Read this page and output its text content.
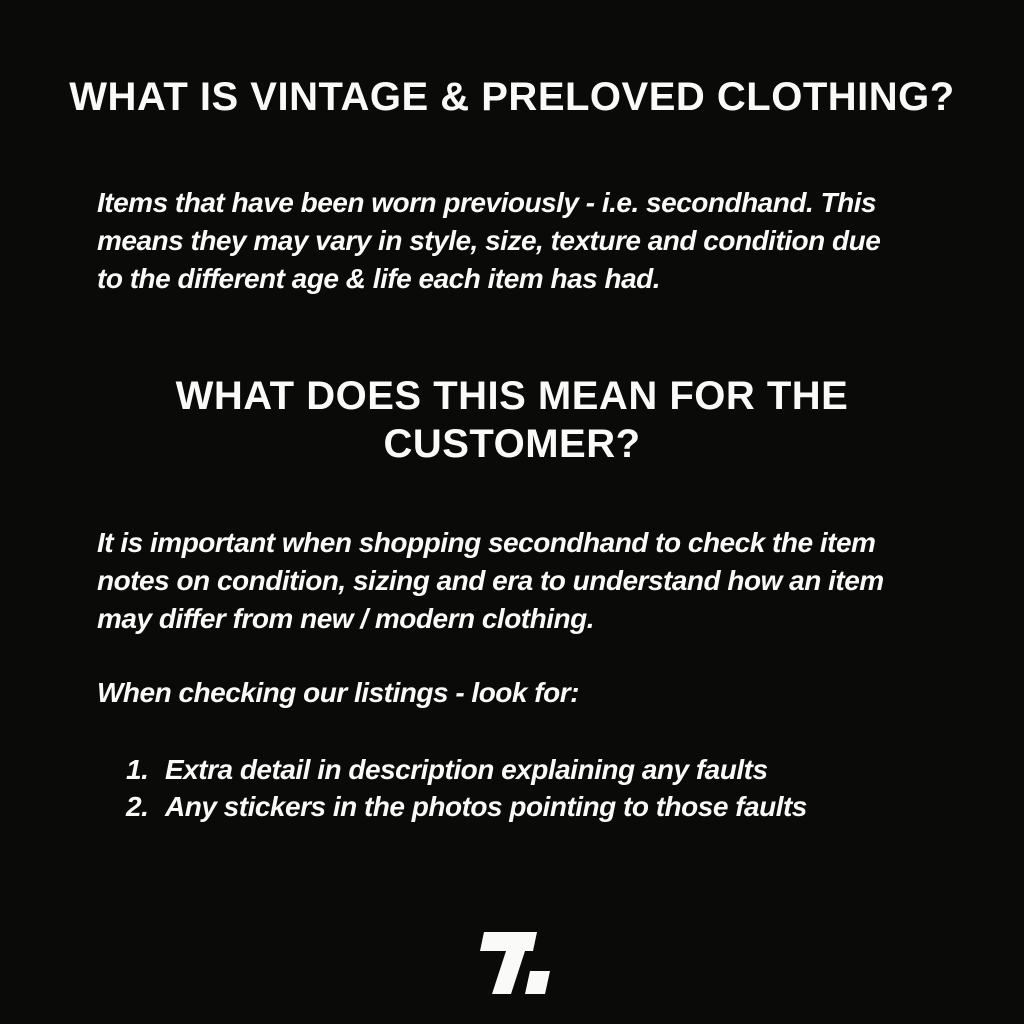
WHAT IS VINTAGE & PRELOVED CLOTHING?
Items that have been worn previously - i.e. secondhand. This
means they may vary in style, size, texture and condition due
to the different age & life each item has had.
WHAT DOES THIS MEAN FOR THE
CUSTOMER?
It is important when shopping secondhand to check the item
notes on condition, sizing and era to understand how an item
may differ from new / modern clothing.
When checking our listings - look for:
1. Extra detail in description explaining any faults
2. Any stickers in the photos pointing to those faults
